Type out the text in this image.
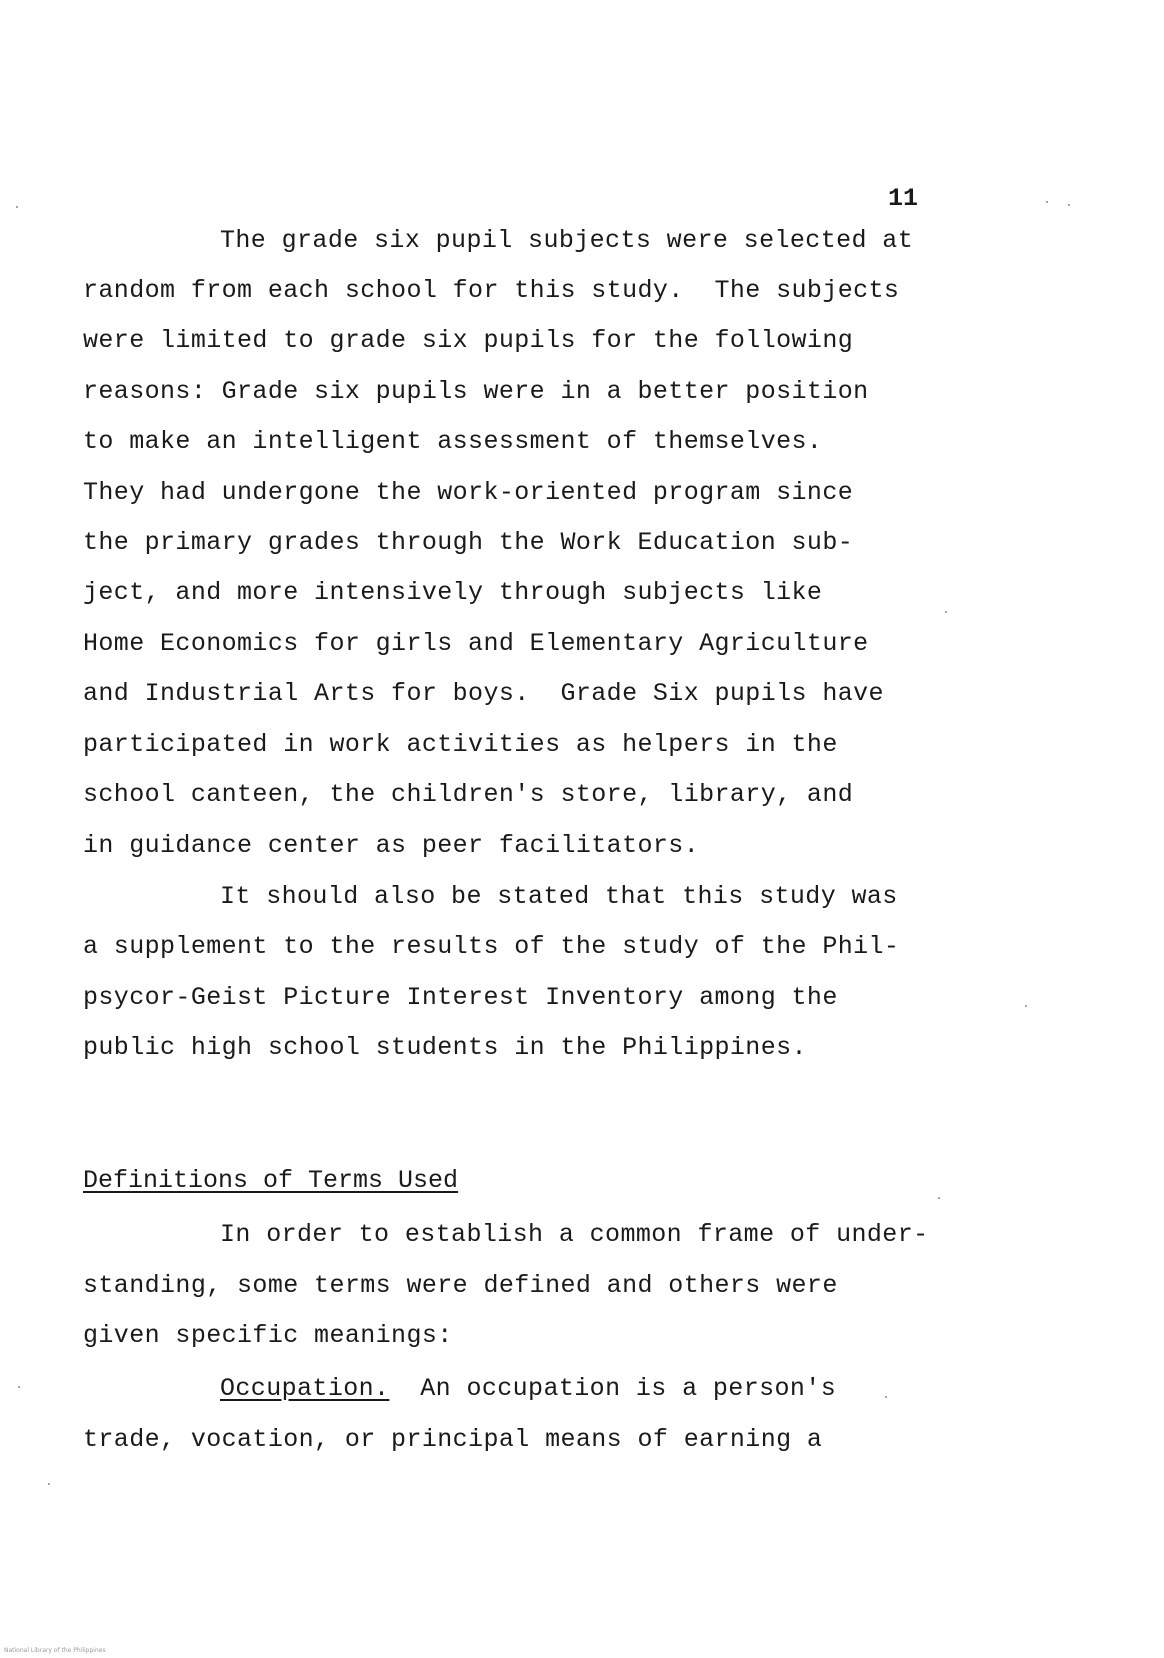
11
The grade six pupil subjects were selected at
random from each school for this study.  The subjects
were limited to grade six pupils for the following
reasons: Grade six pupils were in a better position
to make an intelligent assessment of themselves.
They had undergone the work-oriented program since
the primary grades through the Work Education sub-
ject, and more intensively through subjects like
Home Economics for girls and Elementary Agriculture
and Industrial Arts for boys.  Grade Six pupils have
participated in work activities as helpers in the
school canteen, the children's store, library, and
in guidance center as peer facilitators.
It should also be stated that this study was
a supplement to the results of the study of the Phil-
psycor-Geist Picture Interest Inventory among the
public high school students in the Philippines.
Definitions of Terms Used
In order to establish a common frame of under-
standing, some terms were defined and others were
given specific meanings:
Occupation.  An occupation is a person's
trade, vocation, or principal means of earning a
National Library of the Philippines
